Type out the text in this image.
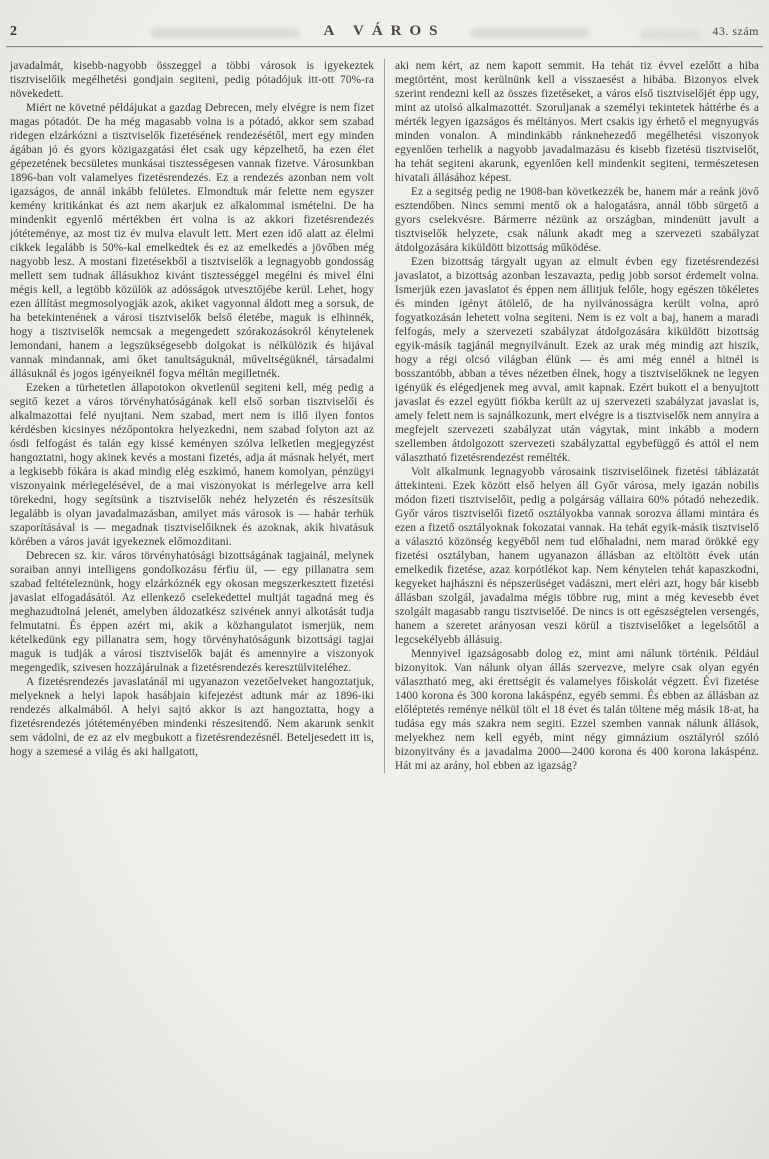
2	A VÁROS	43. szám

javadalmát, kisebb-nagyobb összeggel a többi városok is igyekeztek tisztviselőik megélhetési gondjain segiteni, pedig pótadójuk itt-ott 70%-ra növekedett.

Miért ne követné példájukat a gazdag Debrecen, mely elvégre is nem fizet magas pótadót. De ha még magasabb volna is a pótadó, akkor sem szabad ridegen elzárkózni a tisztviselők fizetésének rendezésétől, mert egy minden ágában jó és gyors közigazgatási élet csak ugy képzelhető, ha ezen élet gépezetének becsületes munkásai tisztességesen vannak fizetve. Városunkban 1896-ban volt valamelyes fizetésrendezés. Ez a rendezés azonban nem volt igazságos, de annál inkább felületes. Elmondtuk már felette nem egyszer kemény kritikánkat és azt nem akarjuk ez alkalommal ismételni. De ha mindenkit egyenlő mértékben ért volna is az akkori fizetésrendezés jótéteménye, az most tiz év mulva elavult lett. Mert ezen idő alatt az élelmi cikkek legalább is 50%-kal emelkedtek és ez az emelkedés a jövőben még nagyobb lesz. A mostani fizetésekből a tisztviselők a legnagyobb gondosság mellett sem tudnak állásukhoz kivánt tisztességgel megélni és mivel élni mégis kell, a legtöbb közülök az adósságok utvesztőjébe kerül. Lehet, hogy ezen állítást megmosolyogják azok, akiket vagyonnal áldott meg a sorsuk, de ha betekintenének a városi tisztviselők belső életébe, maguk is elhinnék, hogy a tisztviselők nemcsak a megengedett szórakozásokról kénytelenek lemondani, hanem a legszükségesebb dolgokat is nélkülözik és hijával vannak mindannak, ami őket tanultságuknál, műveltségüknél, társadalmi állásuknál és jogos igényeiknél fogva méltán megilletnék.

Ezeken a türhetetlen állapotokon okvetlenül segiteni kell, még pedig a segitő kezet a város törvényhatóságának kell első sorban tisztviselői és alkalmazottai felé nyujtani. Nem szabad, mert nem is illő ilyen fontos kérdésben kicsinyes nézőpontokra helyezkedni, nem szabad folyton azt az ósdi felfogást és talán egy kissé keményen szólva lelketlen megjegyzést hangoztatni, hogy akinek kevés a mostani fizetés, adja át másnak helyét, mert a legkisebb fókára is akad mindig elég eszkimó, hanem komolyan, pénzügyi viszonyaink mérlegelésével, de a mai viszonyokat is mérlegelve arra kell törekedni, hogy segítsünk a tisztviselők nehéz helyzetén és részesítsük legalább is olyan javadalmazásban, amilyet más városok is — habár terhük szaporításával is — megadnak tisztviselőiknek és azoknak, akik hivatásuk körében a város javát igyekeznek előmozditani.

Debrecen sz. kir. város törvényhatósági bizottságának tagjainál, melynek soraiban annyi intelligens gondolkozásu férfiu ül, — egy pillanatra sem szabad feltételeznünk, hogy elzárkóznék egy okosan megszerkesztett fizetési javaslat elfogadásától. Az ellenkező cselekedettel multját tagadná meg és meghazudtolná jelenét, amelyben áldozatkész szivének annyi alkotását tudja felmutatni. És éppen azért mi, akik a közhangulatot ismerjük, nem kételkedünk egy pillanatra sem, hogy törvényhatóságunk bizottsági tagjai maguk is tudják a városi tisztviselők baját és amennyire a viszonyok megengedik, szivesen hozzájárulnak a fizetésrendezés keresztülviteléhez.

A fizetésrendezés javaslatánál mi ugyanazon vezetőelveket hangoztatjuk, melyeknek a helyi lapok hasábjain kifejezést adtunk már az 1896-iki rendezés alkalmából. A helyi sajtó akkor is azt hangoztatta, hogy a fizetésrendezés jótéteményében mindenki részesitendő. Nem akarunk senkit sem vádolni, de ez az elv megbukott a fizetésrendezésnél. Beteljesedett itt is, hogy a szemesé a világ és aki hallgatott,

aki nem kért, az nem kapott semmit. Ha tehát tiz évvel ezelőtt a hiba megtörtént, most kerülnünk kell a visszaesést a hibába. Bizonyos elvek szerint rendezni kell az összes fizetéseket, a város első tisztviselőjét épp ugy, mint az utolsó alkalmazottét. Szoruljanak a személyi tekintetek háttérbe és a mérték legyen igazságos és méltányos. Mert csakis igy érhető el megnyugvás minden vonalon. A mindinkább ránknehezedő megélhetési viszonyok egyenlően terhelik a nagyobb javadalmazásu és kisebb fizetésü tisztviselőt, ha tehát segiteni akarunk, egyenlően kell mindenkit segiteni, természetesen hivatali állásához képest.

Ez a segitség pedig ne 1908-ban következzék be, hanem már a reánk jövő esztendőben. Nincs semmi mentő ok a halogatásra, annál több sürgető a gyors cselekvésre. Bármerre nézünk az országban, mindenütt javult a tisztviselők helyzete, csak nálunk akadt meg a szervezeti szabályzat átdolgozására kiküldött bizottság működése.

Ezen bizottság tárgyalt ugyan az elmult évben egy fizetésrendezési javaslatot, a bizottság azonban leszavazta, pedig jobb sorsot érdemelt volna. Ismerjük ezen javaslatot és éppen nem állitjuk felőle, hogy egészen tökéletes és minden igényt átölelő, de ha nyilvánosságra került volna, apró fogyatkozásán lehetett volna segiteni. Nem is ez volt a baj, hanem a maradi felfogás, mely a szervezeti szabályzat átdolgozására kiküldött bizottság egyik-másik tagjánál megnyilvánult. Ezek az urak még mindig azt hiszik, hogy a régi olcsó világban élünk — és ami még ennél a hitnél is bosszantóbb, abban a téves nézetben élnek, hogy a tisztviselőknek ne legyen igényük és elégedjenek meg avval, amit kapnak. Ezért bukott el a benyujtott javaslat és ezzel együtt fiókba került az uj szervezeti szabályzat javaslat is, amely felett nem is sajnálkozunk, mert elvégre is a tisztviselők nem annyira a megfejelt szervezeti szabályzat után vágytak, mint inkább a modern szellemben átdolgozott szervezeti szabályzattal egybefüggő és attól el nem választható fizetésrendezést remélték.

Volt alkalmunk legnagyobb városaink tisztviselőinek fizetési táblázatát áttekinteni. Ezek között első helyen áll Győr városa, mely igazán nobilis módon fizeti tisztviselőit, pedig a polgárság vállaira 60% pótadó nehezedik. Győr város tisztviselői fizető osztályokba vannak sorozva állami mintára és ezen a fizető osztályoknak fokozatai vannak. Ha tehát egyik-másik tisztviselő a választó közönség kegyéből nem tud előhaladni, nem marad örökké egy fizetési osztályban, hanem ugyanazon állásban az eltöltött évek után emelkedik fizetése, azaz korpótlékot kap. Nem kénytelen tehát kapaszkodni, kegyeket hajhászni és népszerüséget vadászni, mert eléri azt, hogy bár kisebb állásban szolgál, javadalma mégis többre rug, mint a még kevesebb évet szolgált magasabb rangu tisztviselőé. De nincs is ott egészségtelen versengés, hanem a szeretet arányosan veszi körül a tisztviselőket a legelsőtől a legcsekélyebb állásuig.

Mennyivel igazságosabb dolog ez, mint ami nálunk történik. Például bizonyitok. Van nálunk olyan állás szervezve, melyre csak olyan egyén választható meg, aki érettségit és valamelyes főiskolát végzett. Évi fizetése 1400 korona és 300 korona lakáspénz, egyéb semmi. És ebben az állásban az előléptetés reménye nélkül tölt el 18 évet és talán töltene még másik 18-at, ha tudása egy más szakra nem segiti. Ezzel szemben vannak nálunk állások, melyekhez nem kell egyéb, mint négy gimnázium osztályról szóló bizonyitvány és a javadalma 2000—2400 korona és 400 korona lakáspénz. Hát mi az arány, hol ebben az igazság?
